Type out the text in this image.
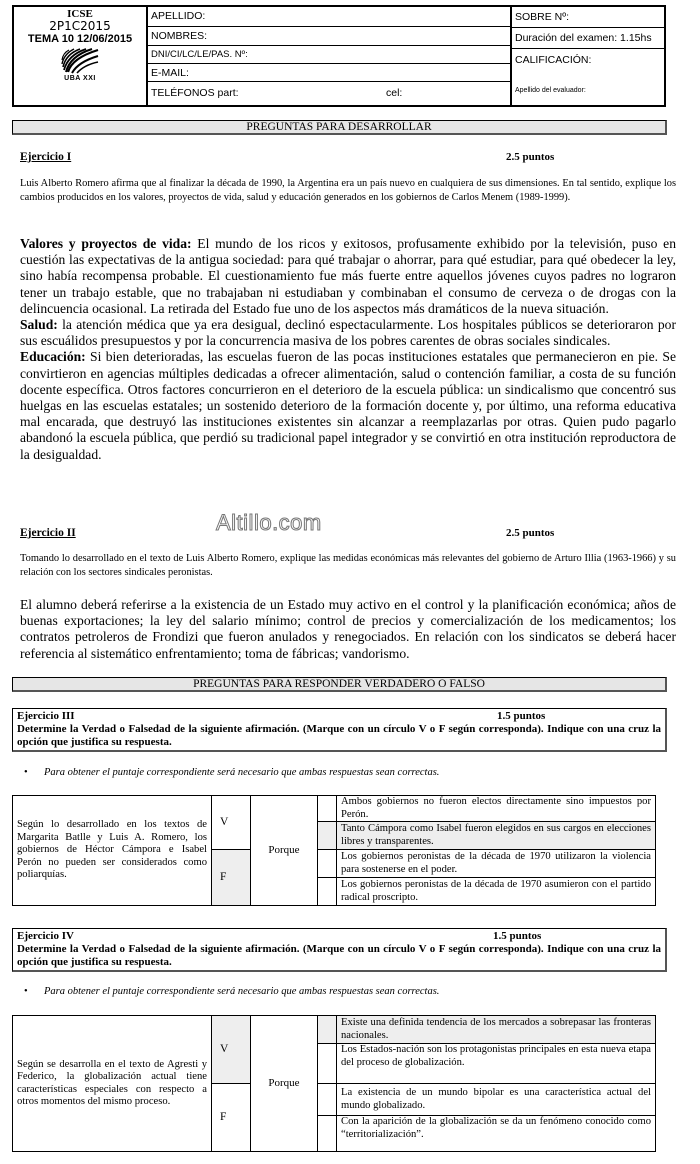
ICSE
2P1C2015
TEMA 10 12/06/2015
UBA XXI
APELLIDO:
NOMBRES:
DNI/CI/LC/LE/PAS. Nº:
E-MAIL:
TELÉFONOS part:	cel:
SOBRE Nº:
Duración del examen: 1.15hs
CALIFICACIÓN:
Apellido del evaluador:
PREGUNTAS PARA DESARROLLAR
Ejercicio I	2.5 puntos
Luis Alberto Romero afirma que al finalizar la década de 1990, la Argentina era un país nuevo en cualquiera de sus dimensiones. En tal sentido, explique los cambios producidos en los valores, proyectos de vida, salud y educación generados en los gobiernos de Carlos Menem (1989-1999).
Valores y proyectos de vida: El mundo de los ricos y exitosos, profusamente exhibido por la televisión, puso en cuestión las expectativas de la antigua sociedad: para qué trabajar o ahorrar, para qué estudiar, para qué obedecer la ley, sino había recompensa probable. El cuestionamiento fue más fuerte entre aquellos jóvenes cuyos padres no lograron tener un trabajo estable, que no trabajaban ni estudiaban y combinaban el consumo de cerveza o de drogas con la delincuencia ocasional. La retirada del Estado fue uno de los aspectos más dramáticos de la nueva situación.
Salud: la atención médica que ya era desigual, declinó espectacularmente. Los hospitales públicos se deterioraron por sus escuálidos presupuestos y por la concurrencia masiva de los pobres carentes de obras sociales sindicales.
Educación: Si bien deterioradas, las escuelas fueron de las pocas instituciones estatales que permanecieron en pie. Se convirtieron en agencias múltiples dedicadas a ofrecer alimentación, salud o contención familiar, a costa de su función docente específica. Otros factores concurrieron en el deterioro de la escuela pública: un sindicalismo que concentró sus huelgas en las escuelas estatales; un sostenido deterioro de la formación docente y, por último, una reforma educativa mal encarada, que destruyó las instituciones existentes sin alcanzar a reemplazarlas por otras. Quien pudo pagarlo abandonó la escuela pública, que perdió su tradicional papel integrador y se convirtió en otra institución reproductora de la desigualdad.
Ejercicio II	Altillo.com	2.5 puntos
Tomando lo desarrollado en el texto de Luis Alberto Romero, explique las medidas económicas más relevantes del gobierno de Arturo Illia (1963-1966) y su relación con los sectores sindicales peronistas.
El alumno deberá referirse a la existencia de un Estado muy activo en el control y la planificación económica; años de buenas exportaciones; la ley del salario mínimo; control de precios y comercialización de los medicamentos; los contratos petroleros de Frondizi que fueron anulados y renegociados. En relación con los sindicatos se deberá hacer referencia al sistemático enfrentamiento; toma de fábricas; vandorismo.
PREGUNTAS PARA RESPONDER VERDADERO O FALSO
Ejercicio III	1.5 puntos
Determine la Verdad o Falsedad de la siguiente afirmación. (Marque con un círculo V o F según corresponda). Indique con una cruz la opción que justifica su respuesta.
• Para obtener el puntaje correspondiente será necesario que ambas respuestas sean correctas.
Según lo desarrollado en los textos de Margarita Batlle y Luis A. Romero, los gobiernos de Héctor Cámpora e Isabel Perón no pueden ser considerados como poliarquías.	V	Porque		Ambos gobiernos no fueron electos directamente sino impuestos por Perón.
				Tanto Cámpora como Isabel fueron elegidos en sus cargos en elecciones libres y transparentes.
	F			Los gobiernos peronistas de la década de 1970 utilizaron la violencia para sostenerse en el poder.
				Los gobiernos peronistas de la década de 1970 asumieron con el partido radical proscripto.
Ejercicio IV	1.5 puntos
Determine la Verdad o Falsedad de la siguiente afirmación. (Marque con un círculo V o F según corresponda). Indique con una cruz la opción que justifica su respuesta.
• Para obtener el puntaje correspondiente será necesario que ambas respuestas sean correctas.
Según se desarrolla en el texto de Agresti y Federico, la globalización actual tiene características especiales con respecto a otros momentos del mismo proceso.	V	Porque		Existe una definida tendencia de los mercados a sobrepasar las fronteras nacionales.
				Los Estados-nación son los protagonistas principales en esta nueva etapa del proceso de globalización.
	F			La existencia de un mundo bipolar es una característica actual del mundo globalizado.
				Con la aparición de la globalización se da un fenómeno conocido como “territorialización”.
